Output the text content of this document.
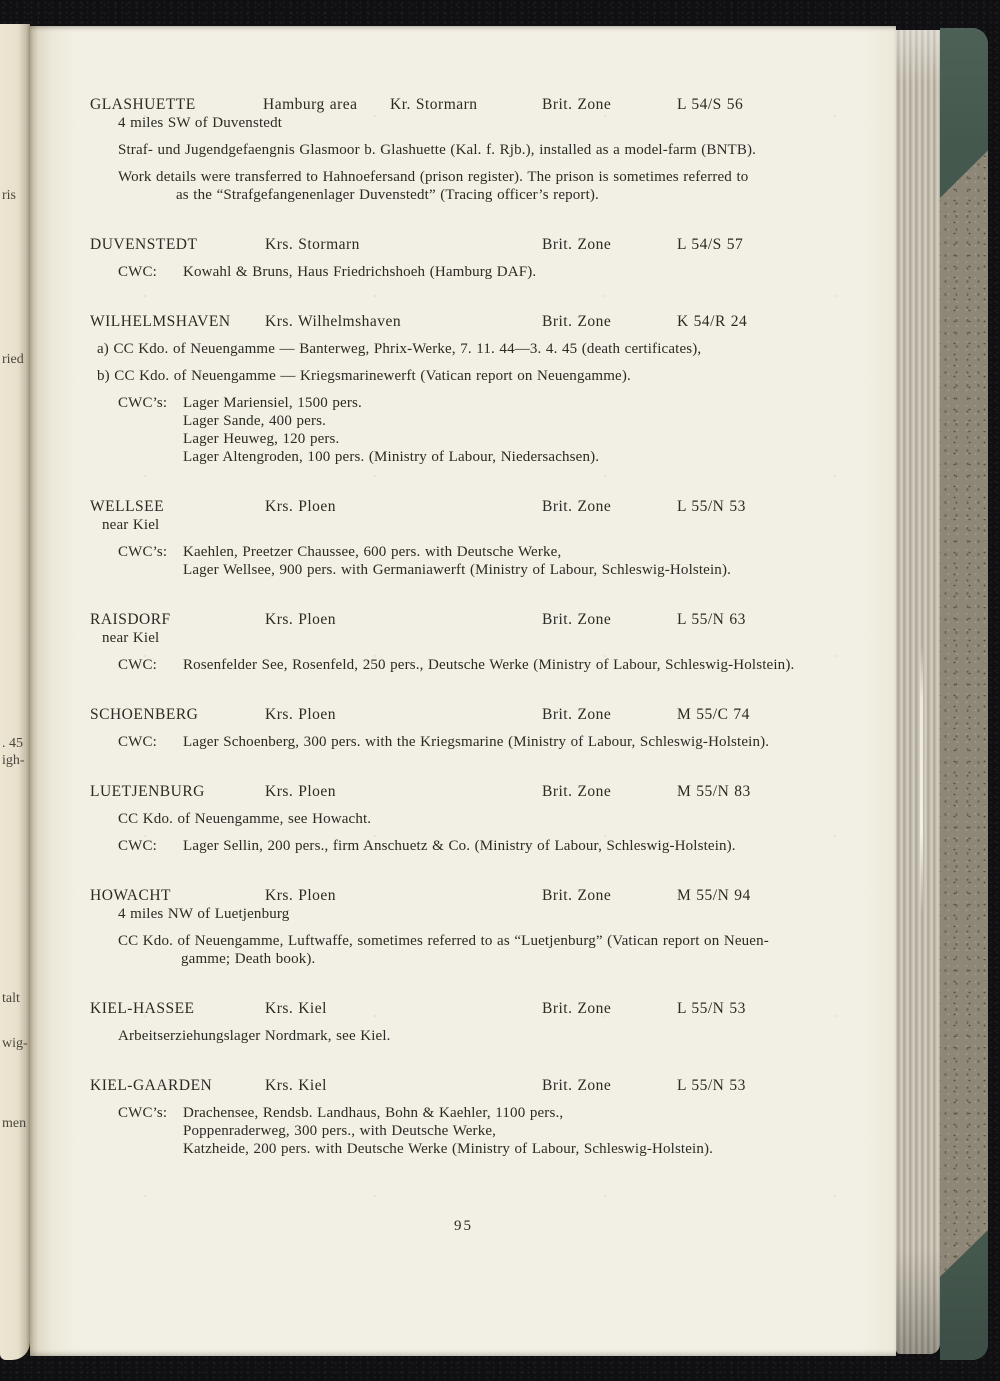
ris
ried
. 45
igh-
talt
wig-
men
GLASHUETTE	Hamburg area Kr. Stormarn	Brit. Zone	L 54/S 56
4 miles SW of Duvenstedt
Straf- und Jugendgefaengnis Glasmoor b. Glashuette (Kal. f. Rjb.), installed as a model-farm (BNTB).
Work details were transferred to Hahnoefersand (prison register). The prison is sometimes referred to
as the “Strafgefangenenlager Duvenstedt” (Tracing officer’s report).
DUVENSTEDT	Krs. Stormarn	Brit. Zone	L 54/S 57
CWC:	Kowahl & Bruns, Haus Friedrichshoeh (Hamburg DAF).
WILHELMSHAVEN Krs. Wilhelmshaven	Brit. Zone	K 54/R 24
a) CC Kdo. of Neuengamme — Banterweg, Phrix-Werke, 7. 11. 44—3. 4. 45 (death certificates),
b) CC Kdo. of Neuengamme — Kriegsmarinewerft (Vatican report on Neuengamme).
CWC’s:	Lager Mariensiel, 1500 pers.
Lager Sande, 400 pers.
Lager Heuweg, 120 pers.
Lager Altengroden, 100 pers. (Ministry of Labour, Niedersachsen).
WELLSEE	Krs. Ploen	Brit. Zone	L 55/N 53
near Kiel
CWC’s:	Kaehlen, Preetzer Chaussee, 600 pers. with Deutsche Werke,
Lager Wellsee, 900 pers. with Germaniawerft (Ministry of Labour, Schleswig-Holstein).
RAISDORF	Krs. Ploen	Brit. Zone	L 55/N 63
near Kiel
CWC:	Rosenfelder See, Rosenfeld, 250 pers., Deutsche Werke (Ministry of Labour, Schleswig-Holstein).
SCHOENBERG	Krs. Ploen	Brit. Zone	M 55/C 74
CWC:	Lager Schoenberg, 300 pers. with the Kriegsmarine (Ministry of Labour, Schleswig-Holstein).
LUETJENBURG	Krs. Ploen	Brit. Zone	M 55/N 83
CC Kdo. of Neuengamme, see Howacht.
CWC:	Lager Sellin, 200 pers., firm Anschuetz & Co. (Ministry of Labour, Schleswig-Holstein).
HOWACHT	Krs. Ploen	Brit. Zone	M 55/N 94
4 miles NW of Luetjenburg
CC Kdo. of Neuengamme, Luftwaffe, sometimes referred to as “Luetjenburg” (Vatican report on Neuen-
gamme; Death book).
KIEL-HASSEE	Krs. Kiel	Brit. Zone	L 55/N 53
Arbeitserziehungslager Nordmark, see Kiel.
KIEL-GAARDEN	Krs. Kiel	Brit. Zone	L 55/N 53
CWC’s:	Drachensee, Rendsb. Landhaus, Bohn & Kaehler, 1100 pers.,
Poppenraderweg, 300 pers., with Deutsche Werke,
Katzheide, 200 pers. with Deutsche Werke (Ministry of Labour, Schleswig-Holstein).
95
